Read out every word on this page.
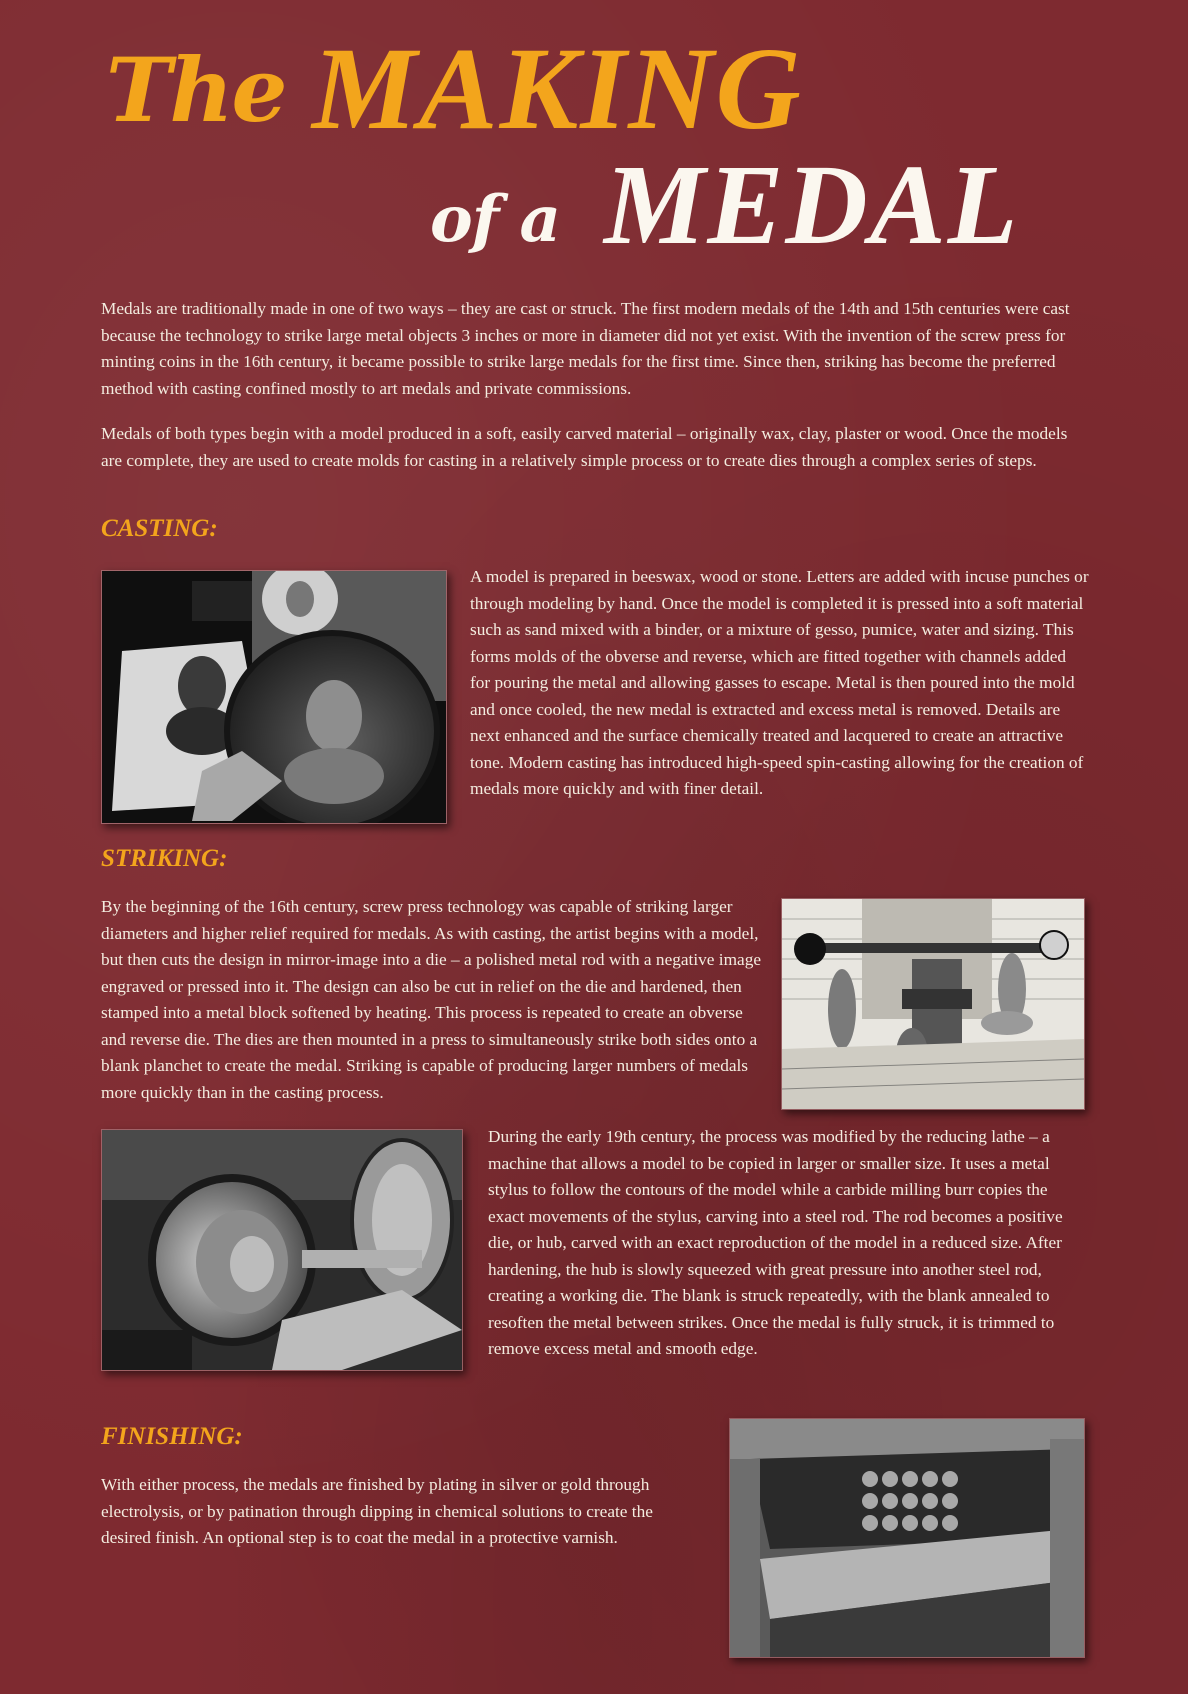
The MAKING
of a MEDAL

Medals are traditionally made in one of two ways – they are cast or struck. The first modern medals of the 14th and 15th centuries were cast because the technology to strike large metal objects 3 inches or more in diameter did not yet exist. With the invention of the screw press for minting coins in the 16th century, it became possible to strike large medals for the first time. Since then, striking has become the preferred method with casting confined mostly to art medals and private commissions.

Medals of both types begin with a model produced in a soft, easily carved material – originally wax, clay, plaster or wood. Once the models are complete, they are used to create molds for casting in a relatively simple process or to create dies through a complex series of steps.

CASTING:

A model is prepared in beeswax, wood or stone. Letters are added with incuse punches or through modeling by hand. Once the model is completed it is pressed into a soft material such as sand mixed with a binder, or a mixture of gesso, pumice, water and sizing. This forms molds of the obverse and reverse, which are fitted together with channels added for pouring the metal and allowing gasses to escape. Metal is then poured into the mold and once cooled, the new medal is extracted and excess metal is removed. Details are next enhanced and the surface chemically treated and lacquered to create an attractive tone. Modern casting has introduced high-speed spin-casting allowing for the creation of medals more quickly and with finer detail.

STRIKING:

By the beginning of the 16th century, screw press technology was capable of striking larger diameters and higher relief required for medals. As with casting, the artist begins with a model, but then cuts the design in mirror-image into a die – a polished metal rod with a negative image engraved or pressed into it. The design can also be cut in relief on the die and hardened, then stamped into a metal block softened by heating. This process is repeated to create an obverse and reverse die. The dies are then mounted in a press to simultaneously strike both sides onto a blank planchet to create the medal. Striking is capable of producing larger numbers of medals more quickly than in the casting process.

During the early 19th century, the process was modified by the reducing lathe – a machine that allows a model to be copied in larger or smaller size. It uses a metal stylus to follow the contours of the model while a carbide milling burr copies the exact movements of the stylus, carving into a steel rod. The rod becomes a positive die, or hub, carved with an exact reproduction of the model in a reduced size. After hardening, the hub is slowly squeezed with great pressure into another steel rod, creating a working die. The blank is struck repeatedly, with the blank annealed to resoften the metal between strikes. Once the medal is fully struck, it is trimmed to remove excess metal and smooth edge.

FINISHING:

With either process, the medals are finished by plating in silver or gold through electrolysis, or by patination through dipping in chemical solutions to create the desired finish. An optional step is to coat the medal in a protective varnish.
